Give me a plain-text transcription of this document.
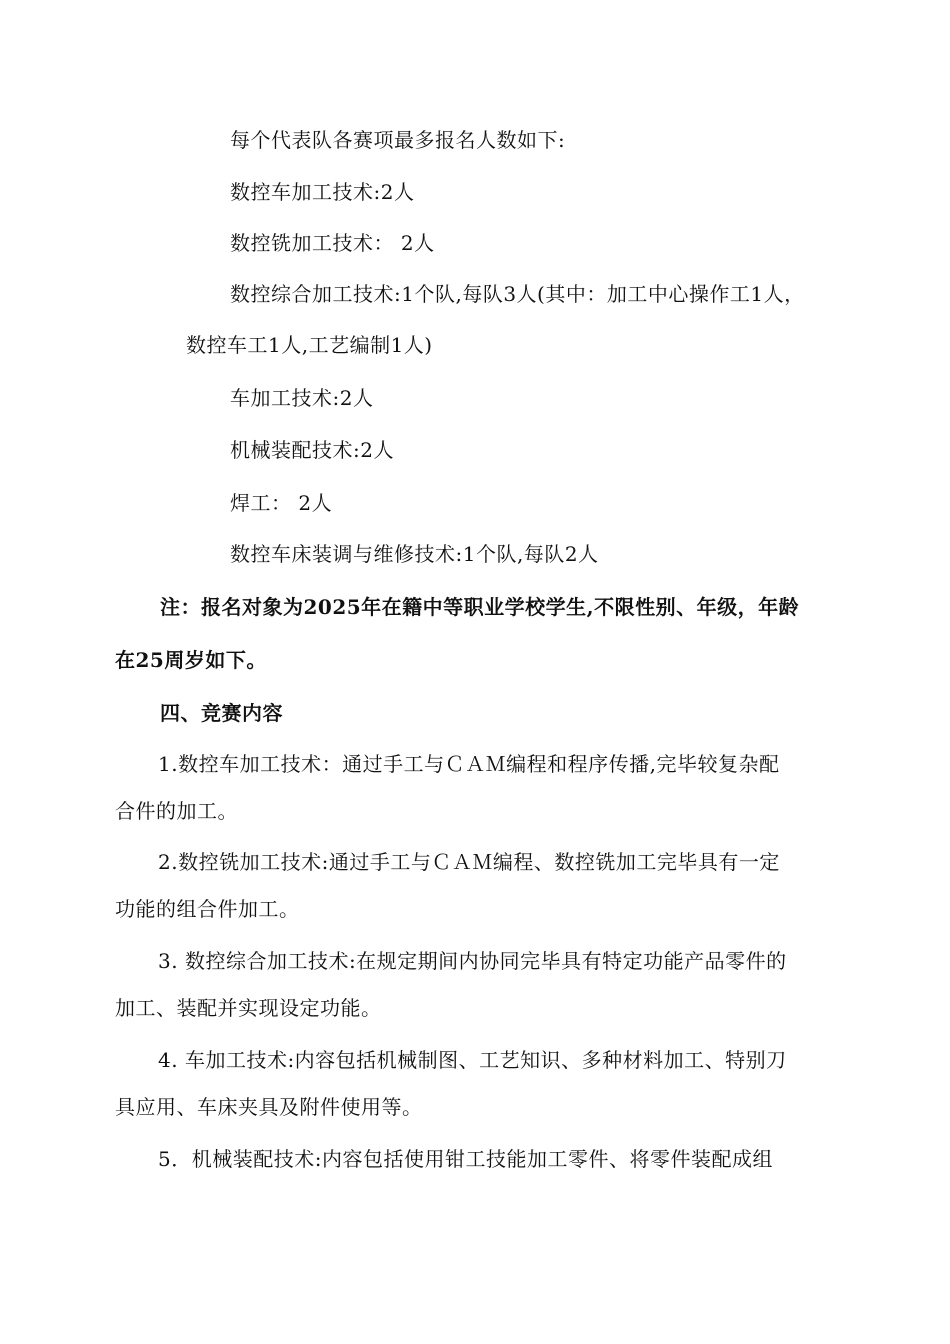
每个代表队各赛项最多报名人数如下:
数控车加工技术:2人
数控铣加工技术： 2人
数控综合加工技术:1个队,每队3人(其中：加工中心操作工1人，
数控车工1人,工艺编制1人)
车加工技术:2人
机械装配技术:2人
焊工： 2人
数控车床装调与维修技术:1个队,每队2人
注：报名对象为2025年在籍中等职业学校学生,不限性别、年级，年龄
在25周岁如下。
四、竞赛内容
1.数控车加工技术：通过手工与ＣＡＭ编程和程序传播,完毕较复杂配
合件的加工。
2.数控铣加工技术:通过手工与ＣＡＭ编程、数控铣加工完毕具有一定
功能的组合件加工。
3. 数控综合加工技术:在规定期间内协同完毕具有特定功能产品零件的
加工、装配并实现设定功能。
4. 车加工技术:内容包括机械制图、工艺知识、多种材料加工、特别刀
具应用、车床夹具及附件使用等。
5．机械装配技术:内容包括使用钳工技能加工零件、将零件装配成组
